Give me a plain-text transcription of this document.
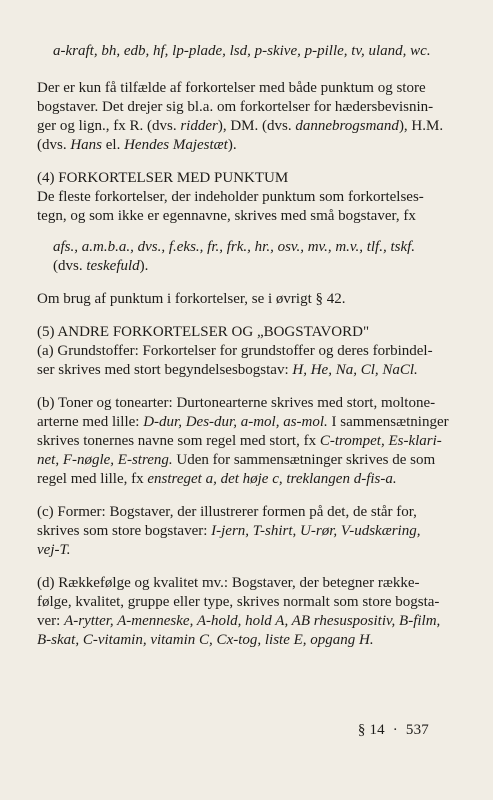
a-kraft, bh, edb, hf, lp-plade, lsd, p-skive, p-pille, tv, uland, wc.

Der er kun få tilfælde af forkortelser med både punktum og store

bogstaver. Det drejer sig bl.a. om forkortelser for hædersbevisnin-

ger og lign., fx R. (dvs. ridder), DM. (dvs. dannebrogsmand), H.M.

(dvs. Hans el. Hendes Majestæt).

(4) FORKORTELSER MED PUNKTUM

De fleste forkortelser, der indeholder punktum som forkortelses-

tegn, og som ikke er egennavne, skrives med små bogstaver, fx

afs., a.m.b.a., dvs., f.eks., fr., frk., hr., osv., mv., m.v., tlf., tskf.

(dvs. teskefuld).

Om brug af punktum i forkortelser, se i øvrigt § 42.

(5) ANDRE FORKORTELSER OG „BOGSTAVORD"

(a) Grundstoffer: Forkortelser for grundstoffer og deres forbindel-

ser skrives med stort begyndelsesbogstav: H, He, Na, Cl, NaCl.

(b) Toner og tonearter: Durtonearterne skrives med stort, moltone-

arterne med lille: D-dur, Des-dur, a-mol, as-mol. I sammensætninger

skrives tonernes navne som regel med stort, fx C-trompet, Es-klari-

net, F-nøgle, E-streng. Uden for sammensætninger skrives de som

regel med lille, fx enstreget a, det høje c, treklangen d-fis-a.

(c) Former: Bogstaver, der illustrerer formen på det, de står for,

skrives som store bogstaver: I-jern, T-shirt, U-rør, V-udskæring,

vej-T.

(d) Rækkefølge og kvalitet mv.: Bogstaver, der betegner række-

følge, kvalitet, gruppe eller type, skrives normalt som store bogsta-

ver: A-rytter, A-menneske, A-hold, hold A, AB rhesuspositiv, B-film,

B-skat, C-vitamin, vitamin C, Cx-tog, liste E, opgang H.

§ 14 · 537
